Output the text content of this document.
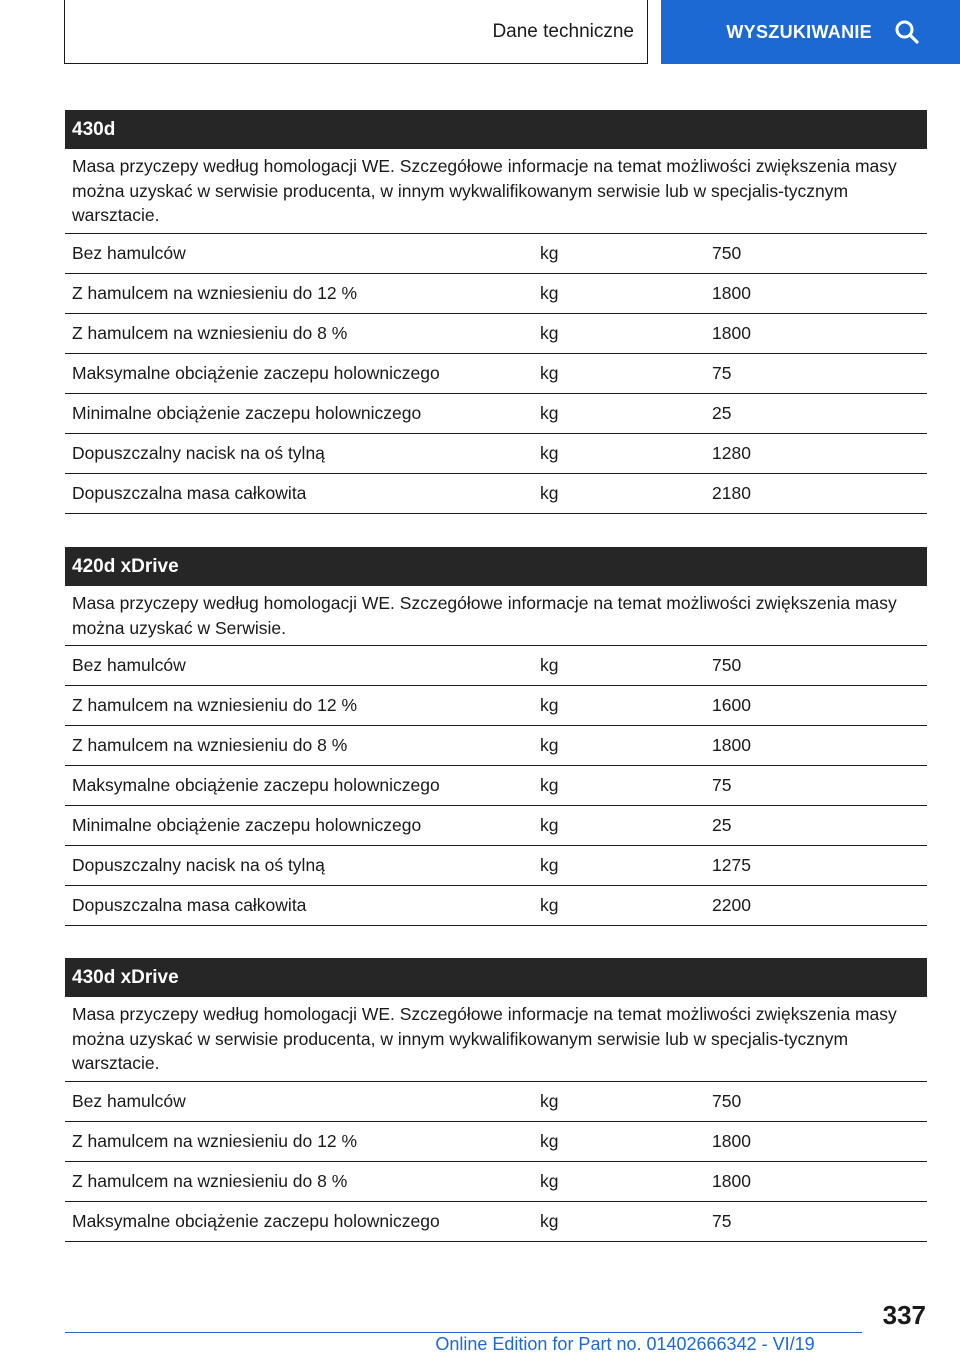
Dane techniczne	WYSZUKIWANIE
430d
Masa przyczepy według homologacji WE. Szczegółowe informacje na temat możliwości zwiększenia masy można uzyskać w serwisie producenta, w innym wykwalifikowanym serwisie lub w specjalis-tycznym warsztacie.
Bez hamulców	kg	750
Z hamulcem na wzniesieniu do 12 %	kg	1800
Z hamulcem na wzniesieniu do 8 %	kg	1800
Maksymalne obciążenie zaczepu holowniczego	kg	75
Minimalne obciążenie zaczepu holowniczego	kg	25
Dopuszczalny nacisk na oś tylną	kg	1280
Dopuszczalna masa całkowita	kg	2180
420d xDrive
Masa przyczepy według homologacji WE. Szczegółowe informacje na temat możliwości zwiększenia masy można uzyskać w Serwisie.
Bez hamulców	kg	750
Z hamulcem na wzniesieniu do 12 %	kg	1600
Z hamulcem na wzniesieniu do 8 %	kg	1800
Maksymalne obciążenie zaczepu holowniczego	kg	75
Minimalne obciążenie zaczepu holowniczego	kg	25
Dopuszczalny nacisk na oś tylną	kg	1275
Dopuszczalna masa całkowita	kg	2200
430d xDrive
Masa przyczepy według homologacji WE. Szczegółowe informacje na temat możliwości zwiększenia masy można uzyskać w serwisie producenta, w innym wykwalifikowanym serwisie lub w specjalis-tycznym warsztacie.
Bez hamulców	kg	750
Z hamulcem na wzniesieniu do 12 %	kg	1800
Z hamulcem na wzniesieniu do 8 %	kg	1800
Maksymalne obciążenie zaczepu holowniczego	kg	75
337
Online Edition for Part no. 01402666342 - VI/19
